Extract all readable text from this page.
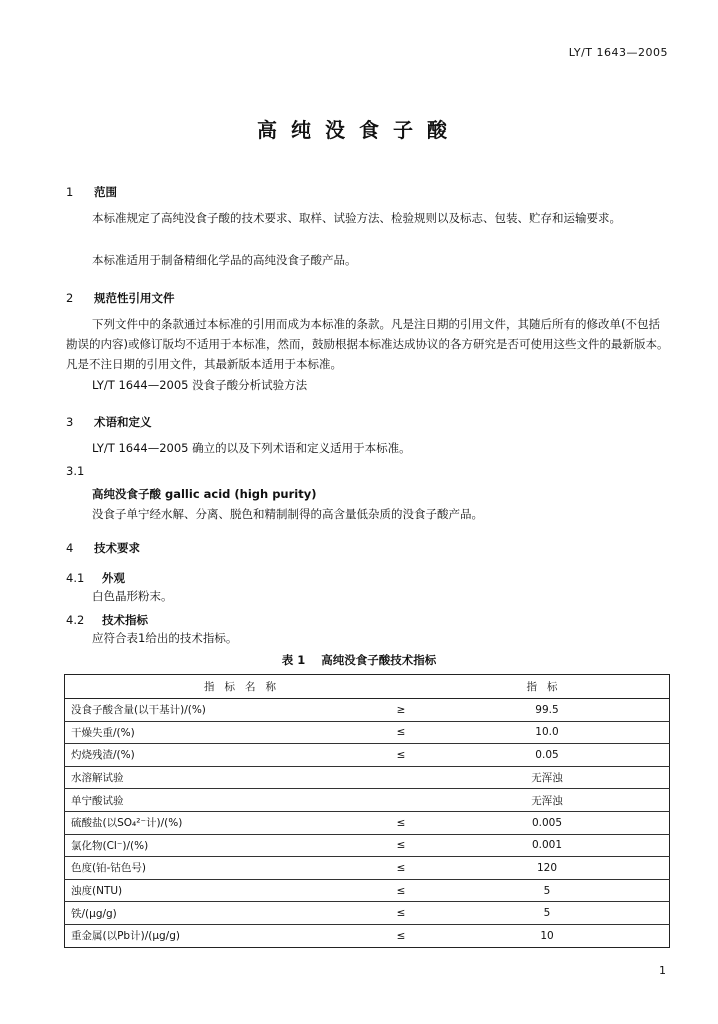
LY/T 1643—2005
高纯没食子酸
1 范围
本标准规定了高纯没食子酸的技术要求、取样、试验方法、检验规则以及标志、包装、贮存和运输要求。
本标准适用于制备精细化学品的高纯没食子酸产品。
2 规范性引用文件
下列文件中的条款通过本标准的引用而成为本标准的条款。凡是注日期的引用文件，其随后所有的修改单(不包括勘误的内容)或修订版均不适用于本标准，然而，鼓励根据本标准达成协议的各方研究是否可使用这些文件的最新版本。凡是不注日期的引用文件，其最新版本适用于本标准。
LY/T 1644—2005 没食子酸分析试验方法
3 术语和定义
LY/T 1644—2005 确立的以及下列术语和定义适用于本标准。
3.1
高纯没食子酸 gallic acid (high purity)
没食子单宁经水解、分离、脱色和精制制得的高含量低杂质的没食子酸产品。
4 技术要求
4.1 外观
白色晶形粉末。
4.2 技术指标
应符合表1给出的技术指标。
表 1 高纯没食子酸技术指标
指标名称		指标
没食子酸含量(以干基计)/(%)	≥	99.5
干燥失重/(%)	≤	10.0
灼烧残渣/(%)	≤	0.05
水溶解试验		无浑浊
单宁酸试验		无浑浊
硫酸盐(以SO₄²⁻计)/(%)	≤	0.005
氯化物(Cl⁻)/(%)	≤	0.001
色度(铂-钴色号)	≤	120
浊度(NTU)	≤	5
铁/(μg/g)	≤	5
重金属(以Pb计)/(μg/g)	≤	10
1
